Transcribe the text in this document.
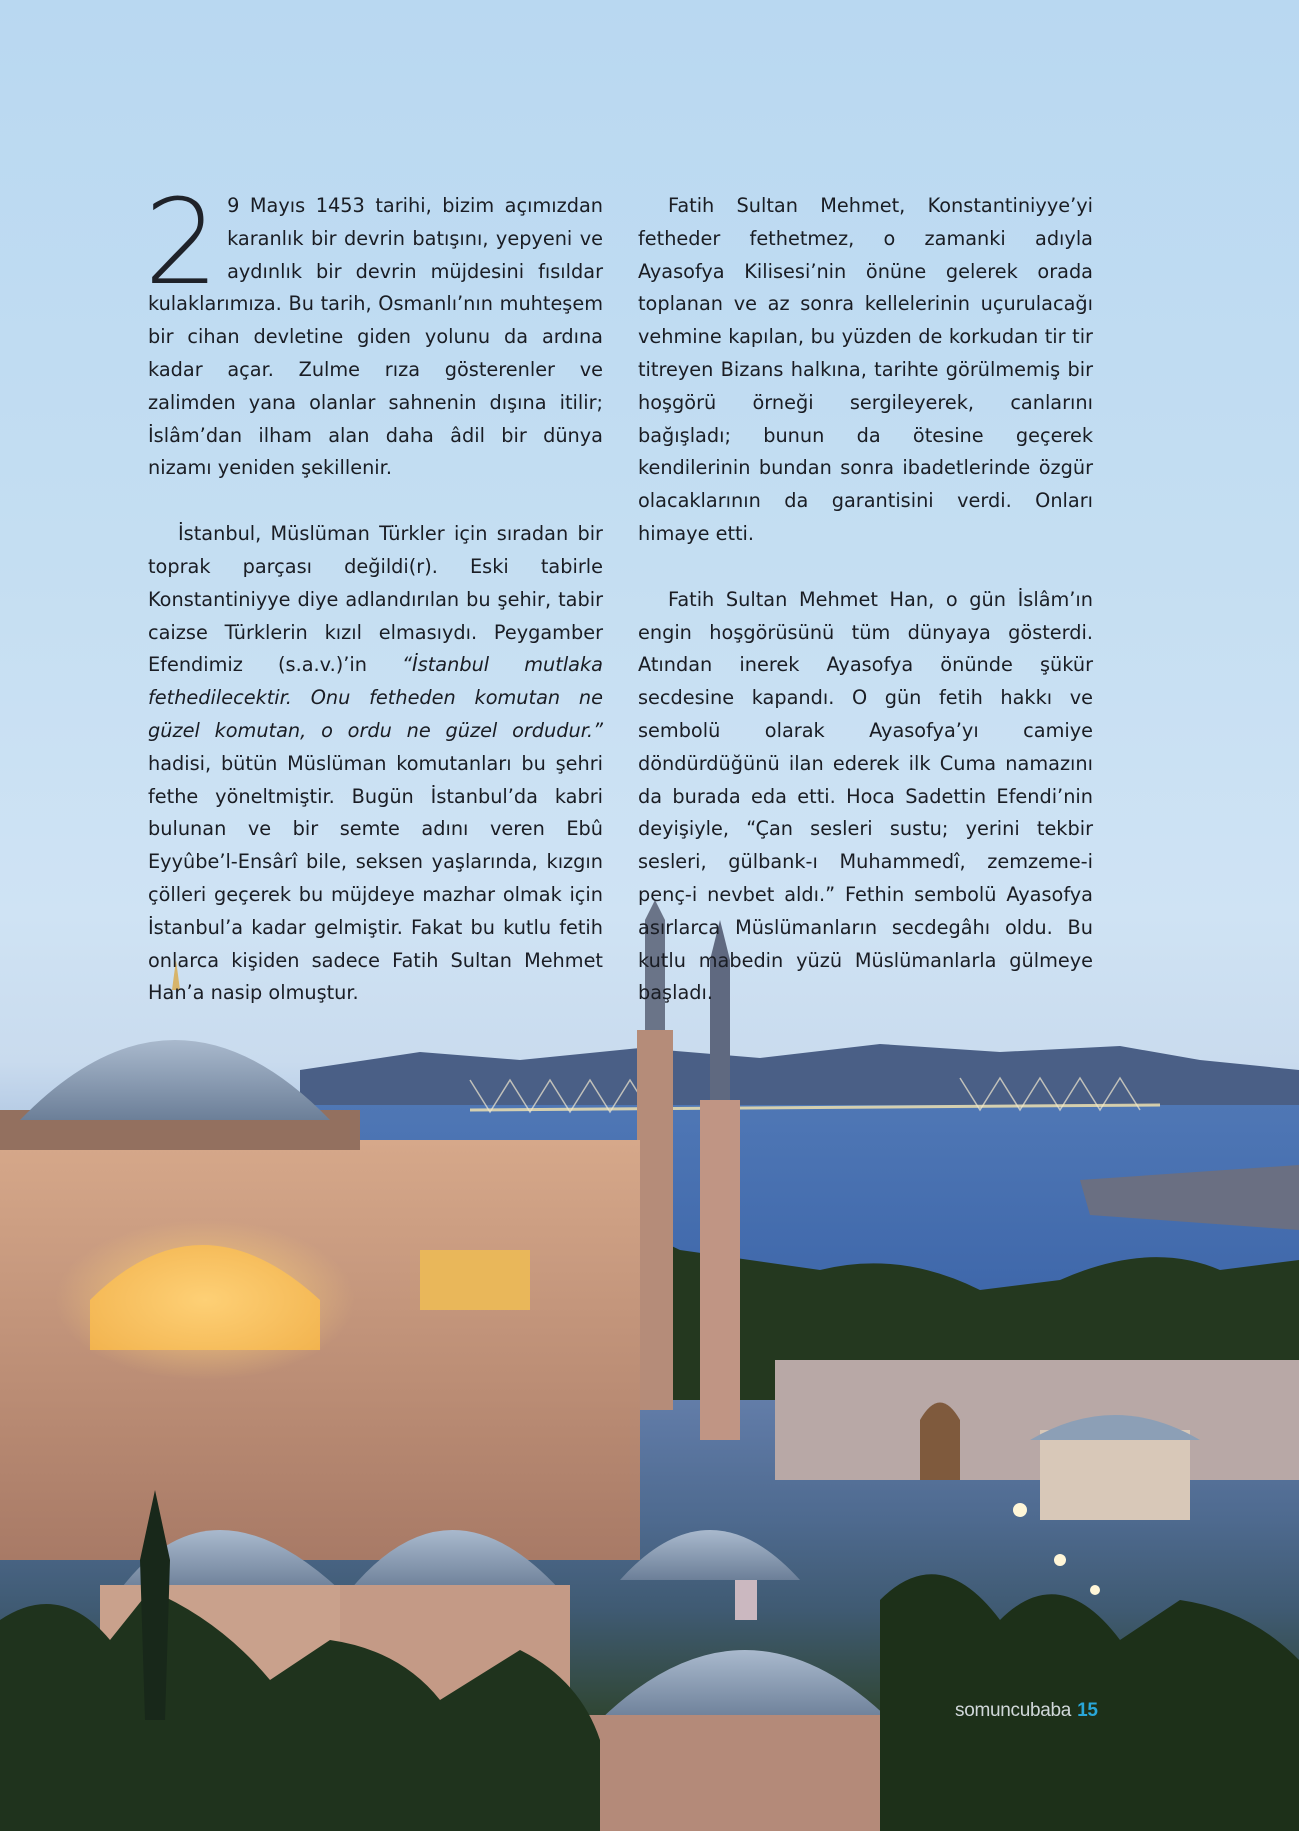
2 9 Mayıs 1453 tarihi, bizim açımızdan karanlık bir devrin batışını, yepyeni ve aydınlık bir devrin müjdesini fısıldar kulaklarımıza. Bu tarih, Osmanlı’nın muhteşem bir cihan devletine giden yolunu da ardına kadar açar. Zulme rıza gösterenler ve zalimden yana olanlar sahnenin dışına itilir; İslâm’dan ilham alan daha âdil bir dünya nizamı yeniden şekillenir.

İstanbul, Müslüman Türkler için sıradan bir toprak parçası değildi(r). Eski tabirle Konstantiniyye diye adlandırılan bu şehir, tabir caizse Türklerin kızıl elmasıydı. Peygamber Efendimiz (s.a.v.)’in “İstanbul mutlaka fethedilecektir. Onu fetheden komutan ne güzel komutan, o ordu ne güzel ordudur.” hadisi, bütün Müslüman komutanları bu şehri fethe yöneltmiştir. Bugün İstanbul’da kabri bulunan ve bir semte adını veren Ebû Eyyûbe’l-Ensârî bile, seksen yaşlarında, kızgın çölleri geçerek bu müjdeye mazhar olmak için İstanbul’a kadar gelmiştir. Fakat bu kutlu fetih onlarca kişiden sadece Fatih Sultan Mehmet Han’a nasip olmuştur.

Fatih Sultan Mehmet, Konstantiniyye’yi fetheder fethetmez, o zamanki adıyla Ayasofya Kilisesi’nin önüne gelerek orada toplanan ve az sonra kellelerinin uçurulacağı vehmine kapılan, bu yüzden de korkudan tir tir titreyen Bizans halkına, tarihte görülmemiş bir hoşgörü örneği sergileyerek, canlarını bağışladı; bunun da ötesine geçerek kendilerinin bundan sonra ibadetlerinde özgür olacaklarının da garantisini verdi. Onları himaye etti.

Fatih Sultan Mehmet Han, o gün İslâm’ın engin hoşgörüsünü tüm dünyaya gösterdi. Atından inerek Ayasofya önünde şükür secdesine kapandı. O gün fetih hakkı ve sembolü olarak Ayasofya’yı camiye döndürdüğünü ilan ederek ilk Cuma namazını da burada eda etti. Hoca Sadettin Efendi’nin deyişiyle, “Çan sesleri sustu; yerini tekbir sesleri, gülbank-ı Muhammedî, zemzeme-i penç-i nevbet aldı.” Fethin sembolü Ayasofya asırlarca Müslümanların secdegâhı oldu. Bu kutlu mabedin yüzü Müslümanlarla gülmeye başladı.

somuncubaba 15
